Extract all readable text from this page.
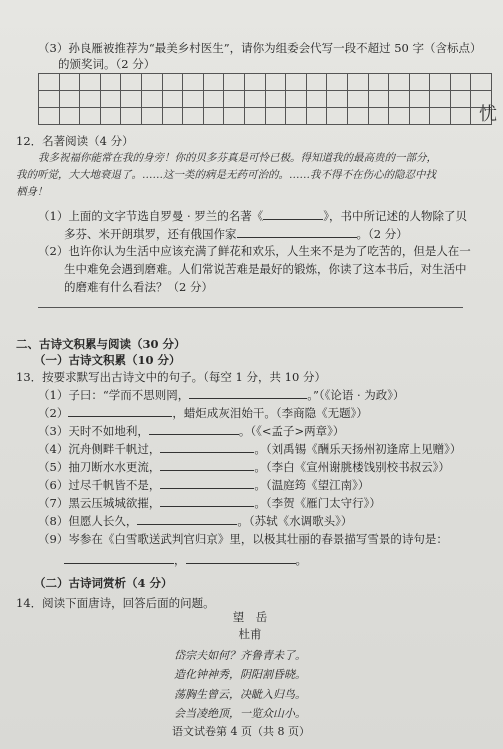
（3）孙良雁被推荐为“最美乡村医生”，请你为组委会代写一段不超过 50 字（含标点）
的颁奖词。（2 分）

忧
12．名著阅读（4 分）
我多祝福你能常在我的身旁！你的贝多芬真是可怜已极。得知道我的最高贵的一部分，
我的听觉，大大地衰退了。……这一类的病是无药可治的。……我不得不在伤心的隐忍中找
栖身！
（1）上面的文字节选自罗曼 · 罗兰的名著《	》，书中所记述的人物除了贝
多芬、米开朗琪罗，还有俄国作家	。（2 分）
（2）也许你认为生活中应该充满了鲜花和欢乐，人生来不是为了吃苦的，但是人在一
生中难免会遇到磨难。人们常说苦难是最好的锻炼，你读了这本书后，对生活中
的磨难有什么看法？（2 分）
二、古诗文积累与阅读（30 分）
（一）古诗文积累（10 分）
13．按要求默写出古诗文中的句子。（每空 1 分，共 10 分）
（1）子曰：“学而不思则罔，	。”（《论语 · 为政》）
（2）	，蜡炬成灰泪始干。（李商隐《无题》）
（3）天时不如地利，	。（《<孟子>两章》）
（4）沉舟侧畔千帆过，	。（刘禹锡《酬乐天扬州初逢席上见赠》）
（5）抽刀断水水更流，	。（李白《宣州谢朓楼饯别校书叔云》）
（6）过尽千帆皆不是，	。（温庭筠《望江南》）
（7）黑云压城城欲摧，	。（李贺《雁门太守行》）
（8）但愿人长久，	。（苏轼《水调歌头》）
（9）岑参在《白雪歌送武判官归京》里，以极其壮丽的春景描写雪景的诗句是：
，	。
（二）古诗词赏析（4 分）
14．阅读下面唐诗，回答后面的问题。
望　岳
杜甫
岱宗夫如何？齐鲁青未了。
造化钟神秀，阴阳割昏晓。
荡胸生曾云，决眦入归鸟。
会当凌绝顶，一览众山小。
语文试卷第 4 页（共 8 页）
